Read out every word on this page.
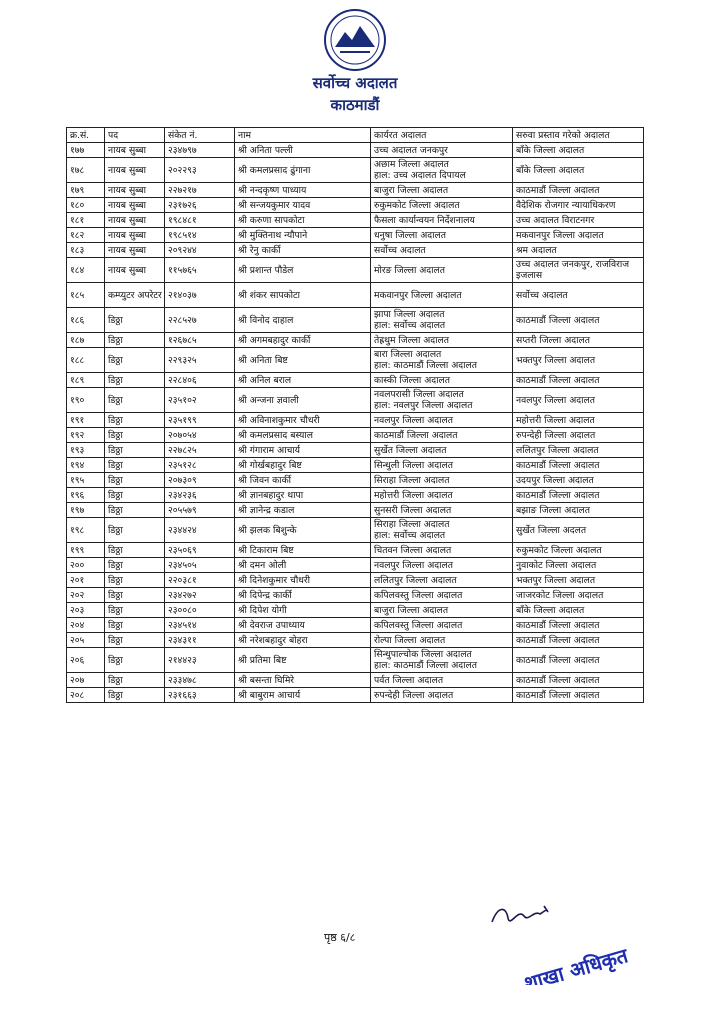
सर्वोच्च अदालत
काठमाडौं
क्र.सं.	पद	संकेत नं.	नाम	कार्यरत अदालत	सरुवा प्रस्ताव गरेको अदालत
१७७	नायब सुब्बा	२३४७९७	श्री अनिता पल्ली	उच्च अदालत जनकपुर	बाँके जिल्ला अदालत
१७८	नायब सुब्बा	२०२२९३	श्री कमलप्रसाद ढुंगाना	अछाम जिल्ला अदालत
हाल: उच्च अदालत दिपायल	बाँके जिल्ला अदालत
१७९	नायब सुब्बा	२२७२१७	श्री नन्दकृष्ण पाध्याय	बाजुरा जिल्ला अदालत	काठमाडौं जिल्ला अदालत
१८०	नायब सुब्बा	२३१७२६	श्री सन्जयकुमार यादव	रुकुमकोट जिल्ला अदालत	वैदेशिक रोजगार न्यायाधिकरण
१८१	नायब सुब्बा	१९८४८१	श्री करुणा सापकोटा	फैसला कार्यान्वयन निर्देशनालय	उच्च अदालत विराटनगर
१८२	नायब सुब्बा	१९८५१४	श्री मुक्तिनाथ न्यौपाने	धनुषा जिल्ला अदालत	मकवानपुर जिल्ला अदालत
१८३	नायब सुब्बा	२०९२४४	श्री रेनु कार्की	सर्वोच्च अदालत	श्रम अदालत
१८४	नायब सुब्बा	११५७६५	श्री प्रशान्त पौडेल	मोरङ जिल्ला अदालत	उच्च अदालत जनकपुर, राजविराज इजलास
१८५	कम्प्युटर अपरेटर	२१४०३७	श्री शंकर सापकोटा	मकवानपुर जिल्ला अदालत	सर्वोच्च अदालत
१८६	डिठ्ठा	२२८५२७	श्री विनोद दाहाल	झापा जिल्ला अदालत
हाल: सर्वोच्च अदालत	काठमाडौं जिल्ला अदालत
१८७	डिठ्ठा	१२६७८५	श्री अगमबहादुर कार्की	तेह्रथुम जिल्ला अदालत	सप्तरी जिल्ला अदालत
१८८	डिठ्ठा	२२९३२५	श्री अनिता बिष्ट	बारा जिल्ला अदालत
हाल: काठमाडौं जिल्ला अदालत	भक्तपुर जिल्ला अदालत
१८९	डिठ्ठा	२२८४०६	श्री अनिल बराल	कास्की जिल्ला अदालत	काठमाडौं जिल्ला अदालत
१९०	डिठ्ठा	२३५१०२	श्री अन्जना ज्ञवाली	नवलपरासी जिल्ला अदालत
हाल: नवलपुर जिल्ला अदालत	नवलपुर जिल्ला अदालत
१९१	डिठ्ठा	२३५१९९	श्री अविनाशकुमार चौधरी	नवलपुर जिल्ला अदालत	महोत्तरी जिल्ला अदालत
१९२	डिठ्ठा	२०७०५४	श्री कमलप्रसाद बस्याल	काठमाडौं जिल्ला अदालत	रुपन्देही जिल्ला अदालत
१९३	डिठ्ठा	२२७८२५	श्री गंगाराम आचार्य	सुर्खेत जिल्ला अदालत	ललितपुर जिल्ला अदालत
१९४	डिठ्ठा	२३५१२८	श्री गोर्खबहादुर बिष्ट	सिन्धुली जिल्ला अदालत	काठमाडौं जिल्ला अदालत
१९५	डिठ्ठा	२०७३०९	श्री जिवन कार्की	सिराहा जिल्ला अदालत	उदयपुर जिल्ला अदालत
१९६	डिठ्ठा	२३४२३६	श्री ज्ञानबहादुर थापा	महोत्तरी जिल्ला अदालत	काठमाडौं जिल्ला अदालत
१९७	डिठ्ठा	२०५५७९	श्री ज्ञानेन्द्र कडाल	सुनसरी जिल्ला अदालत	बझाङ जिल्ला अदालत
१९८	डिठ्ठा	२३४४२४	श्री झलक बिशुन्के	सिराहा जिल्ला अदालत
हाल: सर्वोच्च अदालत	सुर्खेत जिल्ला अदलत
१९९	डिठ्ठा	२३५०६९	श्री टिकाराम बिष्ट	चितवन जिल्ला अदालत	रुकुमकोट जिल्ला अदालत
२००	डिठ्ठा	२३४५०५	श्री दमन ओली	नवलपुर जिल्ला अदालत	नुवाकोट जिल्ला अदालत
२०१	डिठ्ठा	२२०३८१	श्री दिनेशकुमार चौधरी	ललितपुर जिल्ला अदालत	भक्तपुर जिल्ला अदालत
२०२	डिठ्ठा	२३४२७२	श्री दिपेन्द्र कार्की	कपिलवस्तु जिल्ला अदालत	जाजरकोट जिल्ला अदालत
२०३	डिठ्ठा	२३००८०	श्री दिपेश योगी	बाजुरा जिल्ला अदालत	बाँके जिल्ला अदालत
२०४	डिठ्ठा	२३४५१४	श्री देवराज उपाध्याय	कपिलवस्तु जिल्ला अदालत	काठमाडौं जिल्ला अदालत
२०५	डिठ्ठा	२३४३११	श्री नरेशबहादुर बोहरा	रोल्पा जिल्ला अदालत	काठमाडौं जिल्ला अदालत
२०६	डिठ्ठा	२१४४२३	श्री प्रतिमा बिष्ट	सिन्धुपाल्चोक जिल्ला अदालत
हाल: काठमाडौं जिल्ला अदालत	काठमाडौं जिल्ला अदालत
२०७	डिठ्ठा	२३३४७८	श्री बसन्ता घिमिरे	पर्वत जिल्ला अदालत	काठमाडौं जिल्ला अदालत
२०८	डिठ्ठा	२३१६६३	श्री बाबुराम आचार्य	रुपन्देही जिल्ला अदालत	काठमाडौं जिल्ला अदालत
पृष्ठ ६/८
शाखा अधिकृत
